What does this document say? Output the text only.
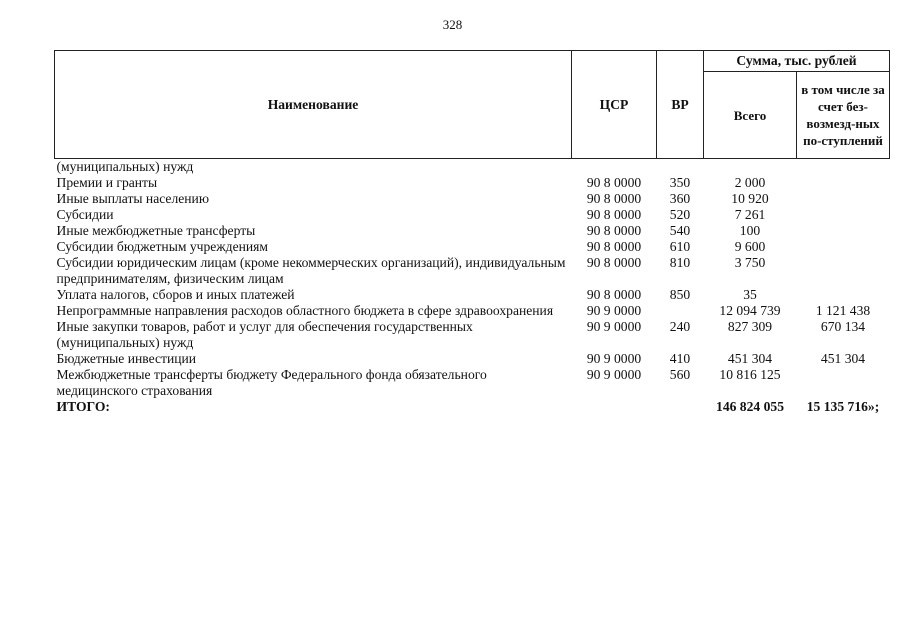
328
Наименование	ЦСР	ВР	Сумма, тыс. рублей	
			Всего	в том числе за счет без-возмезд-ных по-ступлений
(муниципальных) нужд				
Премии и гранты	90 8 0000	350	2 000	
Иные выплаты населению	90 8 0000	360	10 920	
Субсидии	90 8 0000	520	7 261	
Иные межбюджетные трансферты	90 8 0000	540	100	
Субсидии бюджетным учреждениям	90 8 0000	610	9 600	
Субсидии юридическим лицам (кроме некоммерческих организаций), индивидуальным предпринимателям, физическим лицам	90 8 0000	810	3 750	
Уплата налогов, сборов и иных платежей	90 8 0000	850	35	
Непрограммные направления расходов областного бюджета в сфере здравоохранения	90 9 0000		12 094 739	1 121 438
Иные закупки товаров, работ и услуг для обеспечения государственных (муниципальных) нужд	90 9 0000	240	827 309	670 134
Бюджетные инвестиции	90 9 0000	410	451 304	451 304
Межбюджетные трансферты бюджету Федерального фонда обязательного медицинского страхования	90 9 0000	560	10 816 125	
ИТОГО:			146 824 055	15 135 716»;
